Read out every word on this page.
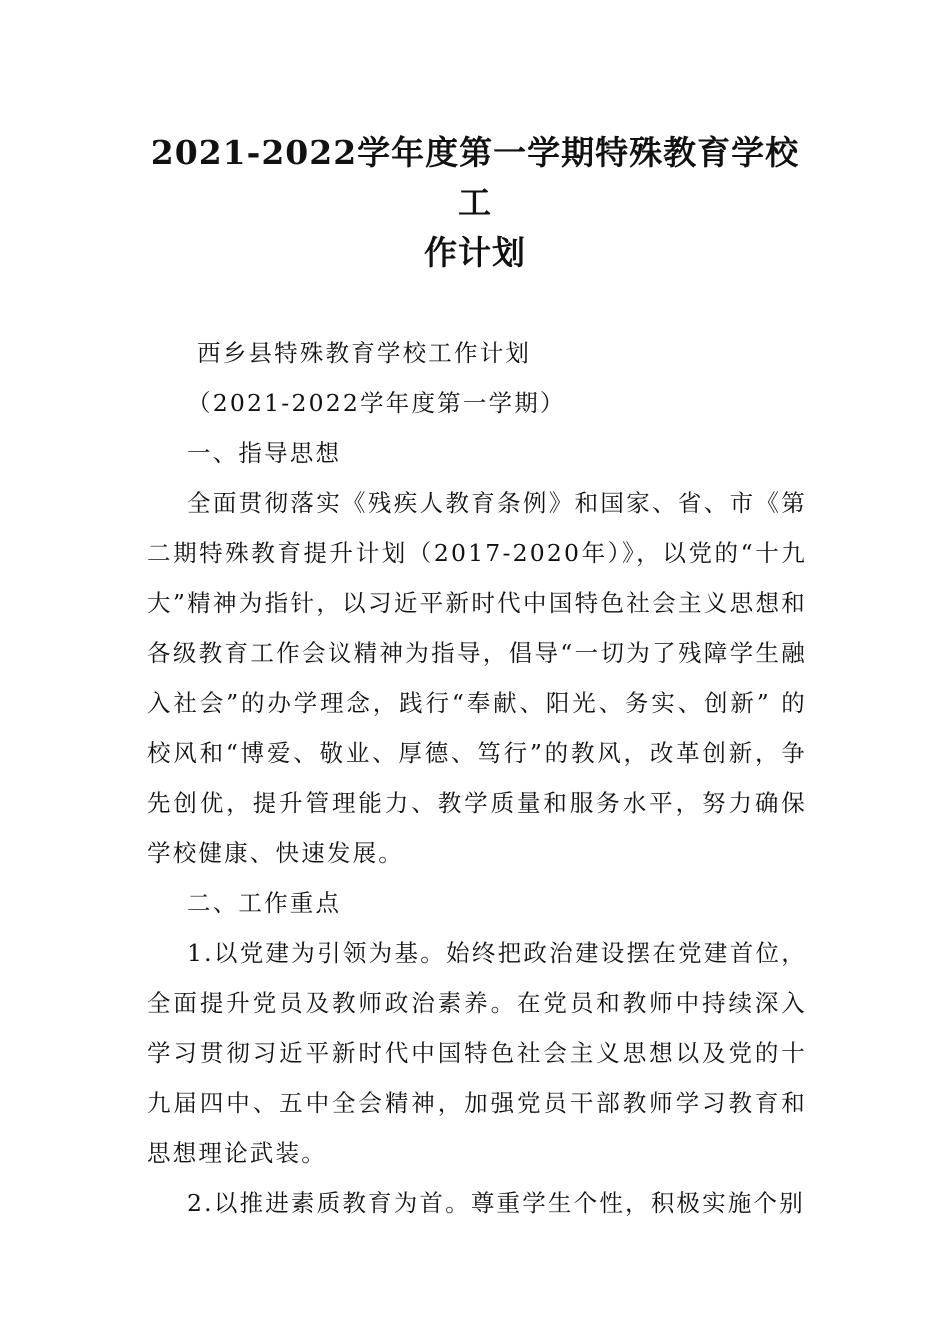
2021-2022学年度第一学期特殊教育学校工
作计划

西乡县特殊教育学校工作计划

（2021-2022学年度第一学期）

一、指导思想

全面贯彻落实《残疾人教育条例》和国家、省、市《第二期特殊教育提升计划（2017-2020年）》，以党的“十九大”精神为指针，以习近平新时代中国特色社会主义思想和各级教育工作会议精神为指导，倡导“一切为了残障学生融入社会”的办学理念，践行“奉献、阳光、务实、创新” 的校风和“博爱、敬业、厚德、笃行”的教风，改革创新，争先创优，提升管理能力、教学质量和服务水平，努力确保学校健康、快速发展。

二、工作重点

1.以党建为引领为基。始终把政治建设摆在党建首位，全面提升党员及教师政治素养。在党员和教师中持续深入学习贯彻习近平新时代中国特色社会主义思想以及党的十九届四中、五中全会精神，加强党员干部教师学习教育和思想理论武装。

2.以推进素质教育为首。尊重学生个性，积极实施个别
